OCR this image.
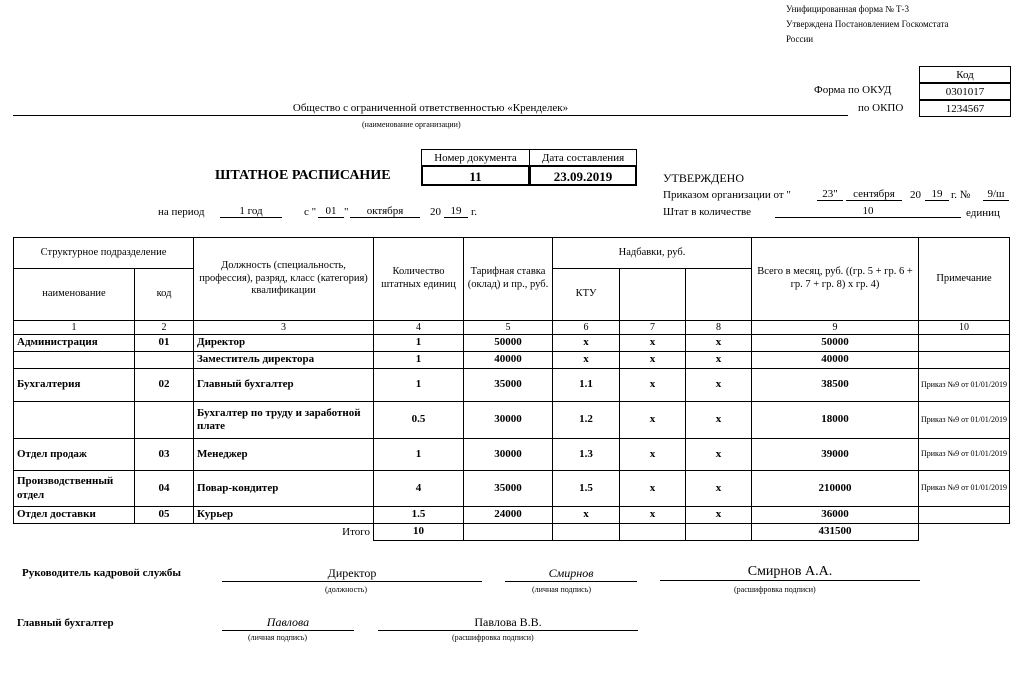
Унифицированная форма № Т-3
Утверждена Постановлением Госкомстата
России
Код
Форма по ОКУД	0301017
по ОКПО	1234567
Общество с ограниченной ответственностью «Кренделек»
(наименование организации)
ШТАТНОЕ РАСПИСАНИЕ
Номер документа	Дата составления
11	23.09.2019
на период	1 год	с " 01 "	октября	20 19 г.
УТВЕРЖДЕНО
Приказом организации от "	23"	сентября	20 19 г. №	9/ш
Штат в количестве	10	единиц
Структурное подразделение		Должность (специальность, профессия), разряд, класс (категория) квалификации	Количество штатных единиц	Тарифная ставка (оклад) и пр., руб.	Надбавки, руб.			Всего в месяц, руб. ((гр. 5 + гр. 6 + гр. 7 + гр. 8) х гр. 4)	Примечание
наименование	код				КТУ				
1	2	3	4	5	6	7	8	9	10
Администрация	01	Директор	1	50000	х	х	х	50000	
		Заместитель директора	1	40000	х	х	х	40000	
Бухгалтерия	02	Главный бухгалтер	1	35000	1.1	х	х	38500	Приказ №9 от 01/01/2019
		Бухгалтер по труду и заработной плате	0.5	30000	1.2	х	х	18000	Приказ №9 от 01/01/2019
Отдел продаж	03	Менеджер	1	30000	1.3	х	х	39000	Приказ №9 от 01/01/2019
Производственный отдел	04	Повар-кондитер	4	35000	1.5	х	х	210000	Приказ №9 от 01/01/2019
Отдел доставки	05	Курьер	1.5	24000	х	х	х	36000	
		Итого	10					431500	
Руководитель кадровой службы	Директор
(должность)
Смирнов
(личная подпись)
Смирнов А.А.
(расшифровка подписи)
Главный бухгалтер	Павлова
(личная подпись)
Павлова В.В.
(расшифровка подписи)
